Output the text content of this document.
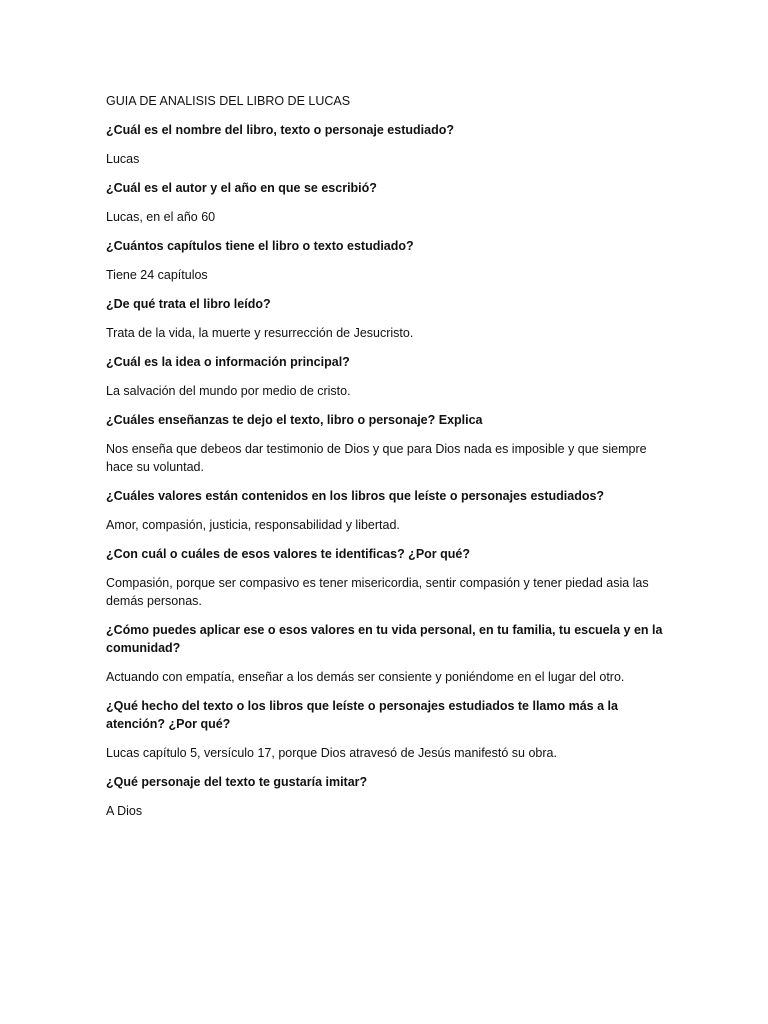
GUIA DE ANALISIS DEL LIBRO DE LUCAS

¿Cuál es el nombre del libro, texto o personaje estudiado?

Lucas

¿Cuál es el autor y el año en que se escribió?

Lucas, en el año 60

¿Cuántos capítulos tiene el libro o texto estudiado?

Tiene 24 capítulos

¿De qué trata el libro leído?

Trata de la vida, la muerte y resurrección de Jesucristo.

¿Cuál es la idea o información principal?

La salvación del mundo por medio de cristo.

¿Cuáles enseñanzas te dejo el texto, libro o personaje? Explica

Nos enseña que debeos dar testimonio de Dios y que para Dios nada es imposible y que siempre hace su voluntad.

¿Cuáles valores están contenidos en los libros que leíste o personajes estudiados?

Amor, compasión, justicia, responsabilidad y libertad.

¿Con cuál o cuáles de esos valores te identificas? ¿Por qué?

Compasión, porque ser compasivo es tener misericordia, sentir compasión y tener piedad asia las demás personas.

¿Cómo puedes aplicar ese o esos valores en tu vida personal, en tu familia, tu escuela y en la comunidad?

Actuando con empatía, enseñar a los demás ser consiente y poniéndome en el lugar del otro.

¿Qué hecho del texto o los libros que leíste o personajes estudiados te llamo más a la atención? ¿Por qué?

Lucas capítulo 5, versículo 17, porque Dios atravesó de Jesús manifestó su obra.

¿Qué personaje del texto te gustaría imitar?

A Dios
